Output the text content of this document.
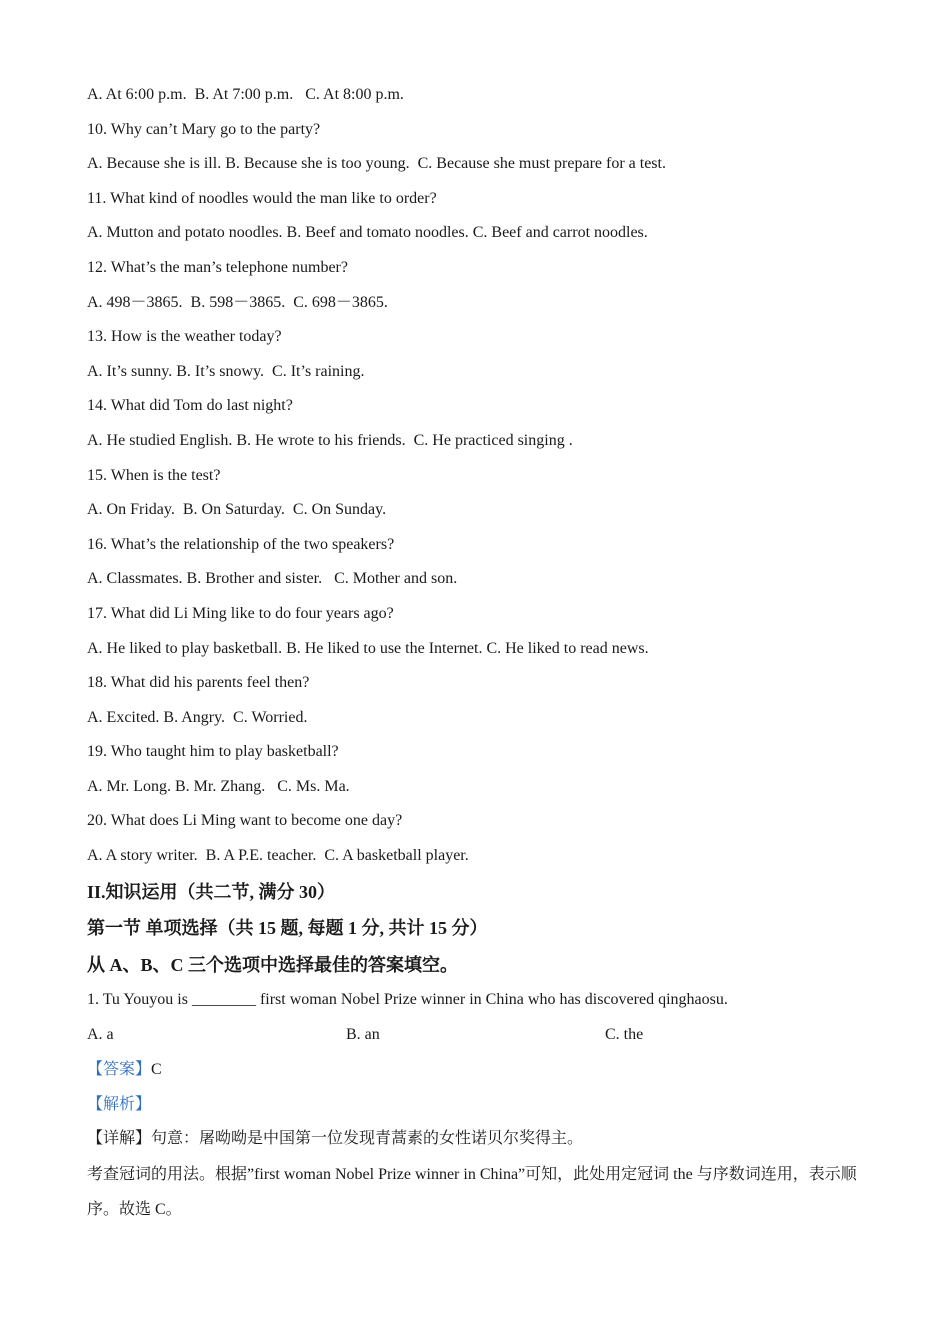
A. At 6:00 p.m.  B. At 7:00 p.m.   C. At 8:00 p.m.
10. Why can’t Mary go to the party?
A. Because she is ill. B. Because she is too young.  C. Because she must prepare for a test.
11. What kind of noodles would the man like to order?
A. Mutton and potato noodles. B. Beef and tomato noodles. C. Beef and carrot noodles.
12. What’s the man’s telephone number?
A. 498－3865.  B. 598－3865.  C. 698－3865.
13. How is the weather today?
A. It’s sunny. B. It’s snowy.  C. It’s raining.
14. What did Tom do last night?
A. He studied English. B. He wrote to his friends.  C. He practiced singing .
15. When is the test?
A. On Friday.  B. On Saturday.  C. On Sunday.
16. What’s the relationship of the two speakers?
A. Classmates. B. Brother and sister.   C. Mother and son.
17. What did Li Ming like to do four years ago?
A. He liked to play basketball. B. He liked to use the Internet. C. He liked to read news.
18. What did his parents feel then?
A. Excited. B. Angry.  C. Worried.
19. Who taught him to play basketball?
A. Mr. Long. B. Mr. Zhang.   C. Ms. Ma.
20. What does Li Ming want to become one day?
A. A story writer.  B. A P.E. teacher.  C. A basketball player.
II.知识运用（共二节, 满分 30）
第一节 单项选择（共 15 题, 每题 1 分, 共计 15 分）
从 A、B、C 三个选项中选择最佳的答案填空。
1. Tu Youyou is ________ first woman Nobel Prize winner in China who has discovered qinghaosu.
A. a	B. an	C. the
【答案】C
【解析】
【详解】句意：屠呦呦是中国第一位发现青蒿素的女性诺贝尔奖得主。
考查冠词的用法。根据”first woman Nobel Prize winner in China”可知，此处用定冠词 the 与序数词连用，表示顺序。故选 C。
